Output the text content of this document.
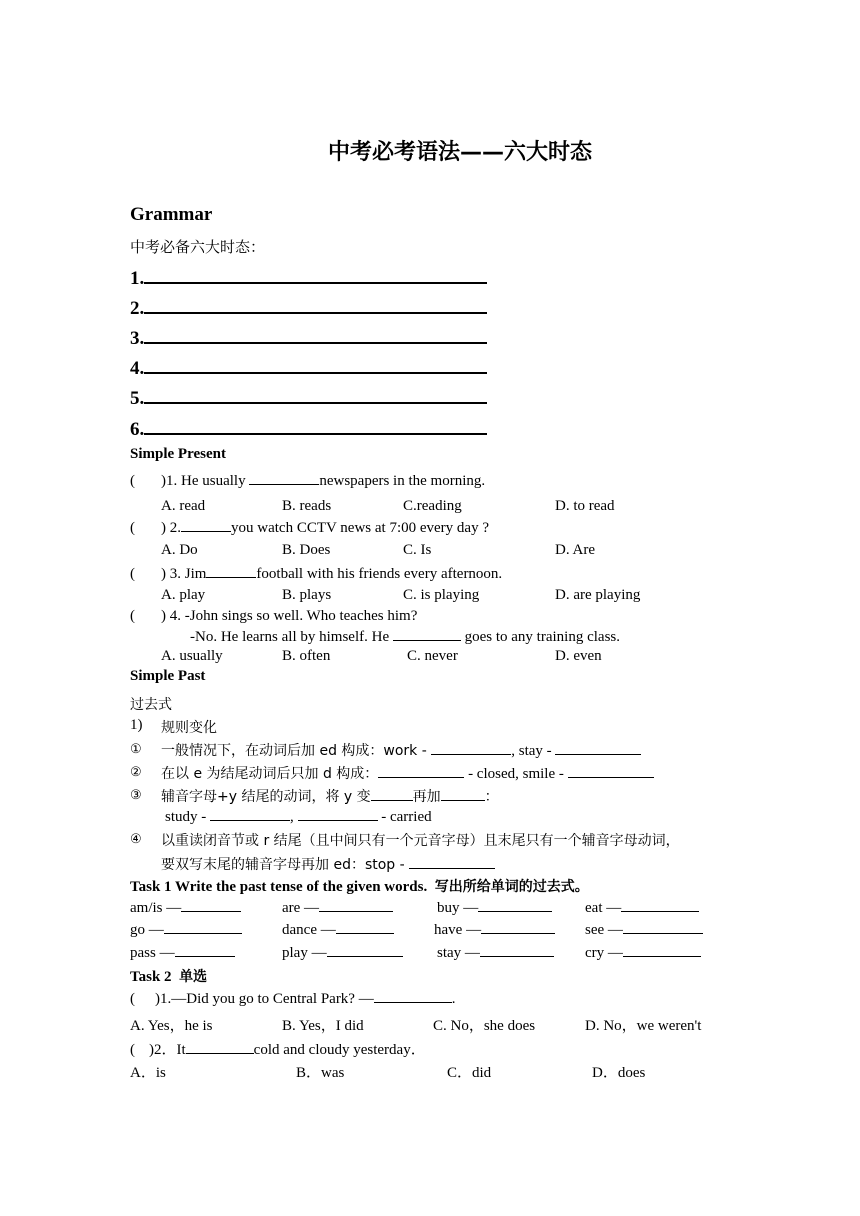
中考必考语法——六大时态
Grammar
中考必备六大时态：
1.
2.
3.
4.
5.
6.
Simple Present
( )1. He usually	newspapers in the morning.
A. read	B. reads	C.reading	D. to read
( ) 2.	you watch CCTV news at 7:00 every day ?
A. Do	B. Does	C. Is	D. Are
( ) 3. Jim	football with his friends every afternoon.
A. play	B. plays	C. is playing	D. are playing
( ) 4. -John sings so well. Who teaches him?
-No. He learns all by himself. He	goes to any training class.
A. usually	B. often	C. never	D. even
Simple Past
过去式
1) 规则变化
① 一般情况下，在动词后加 ed 构成：work -	, stay -
② 在以 e 为结尾动词后只加 d 构成：	- closed, smile -
③ 辅音字母+y 结尾的动词，将 y 变	再加	：
study -	,	- carried
④ 以重读闭音节或 r 结尾（且中间只有一个元音字母）且末尾只有一个辅音字母动词，
要双写末尾的辅音字母再加 ed：stop -
Task 1 Write the past tense of the given words. 写出所给单词的过去式。
am/is —	are —	buy —	eat —
go —	dance —	have —	see —
pass —	play —	stay —	cry —
Task 2 单选
( )1.—Did you go to Central Park? —	.
A. Yes，he is	B. Yes，I did	C. No，she does	D. No，we weren't
( )2．It	cold and cloudy yesterday．
A．is	B．was	C．did	D．does
